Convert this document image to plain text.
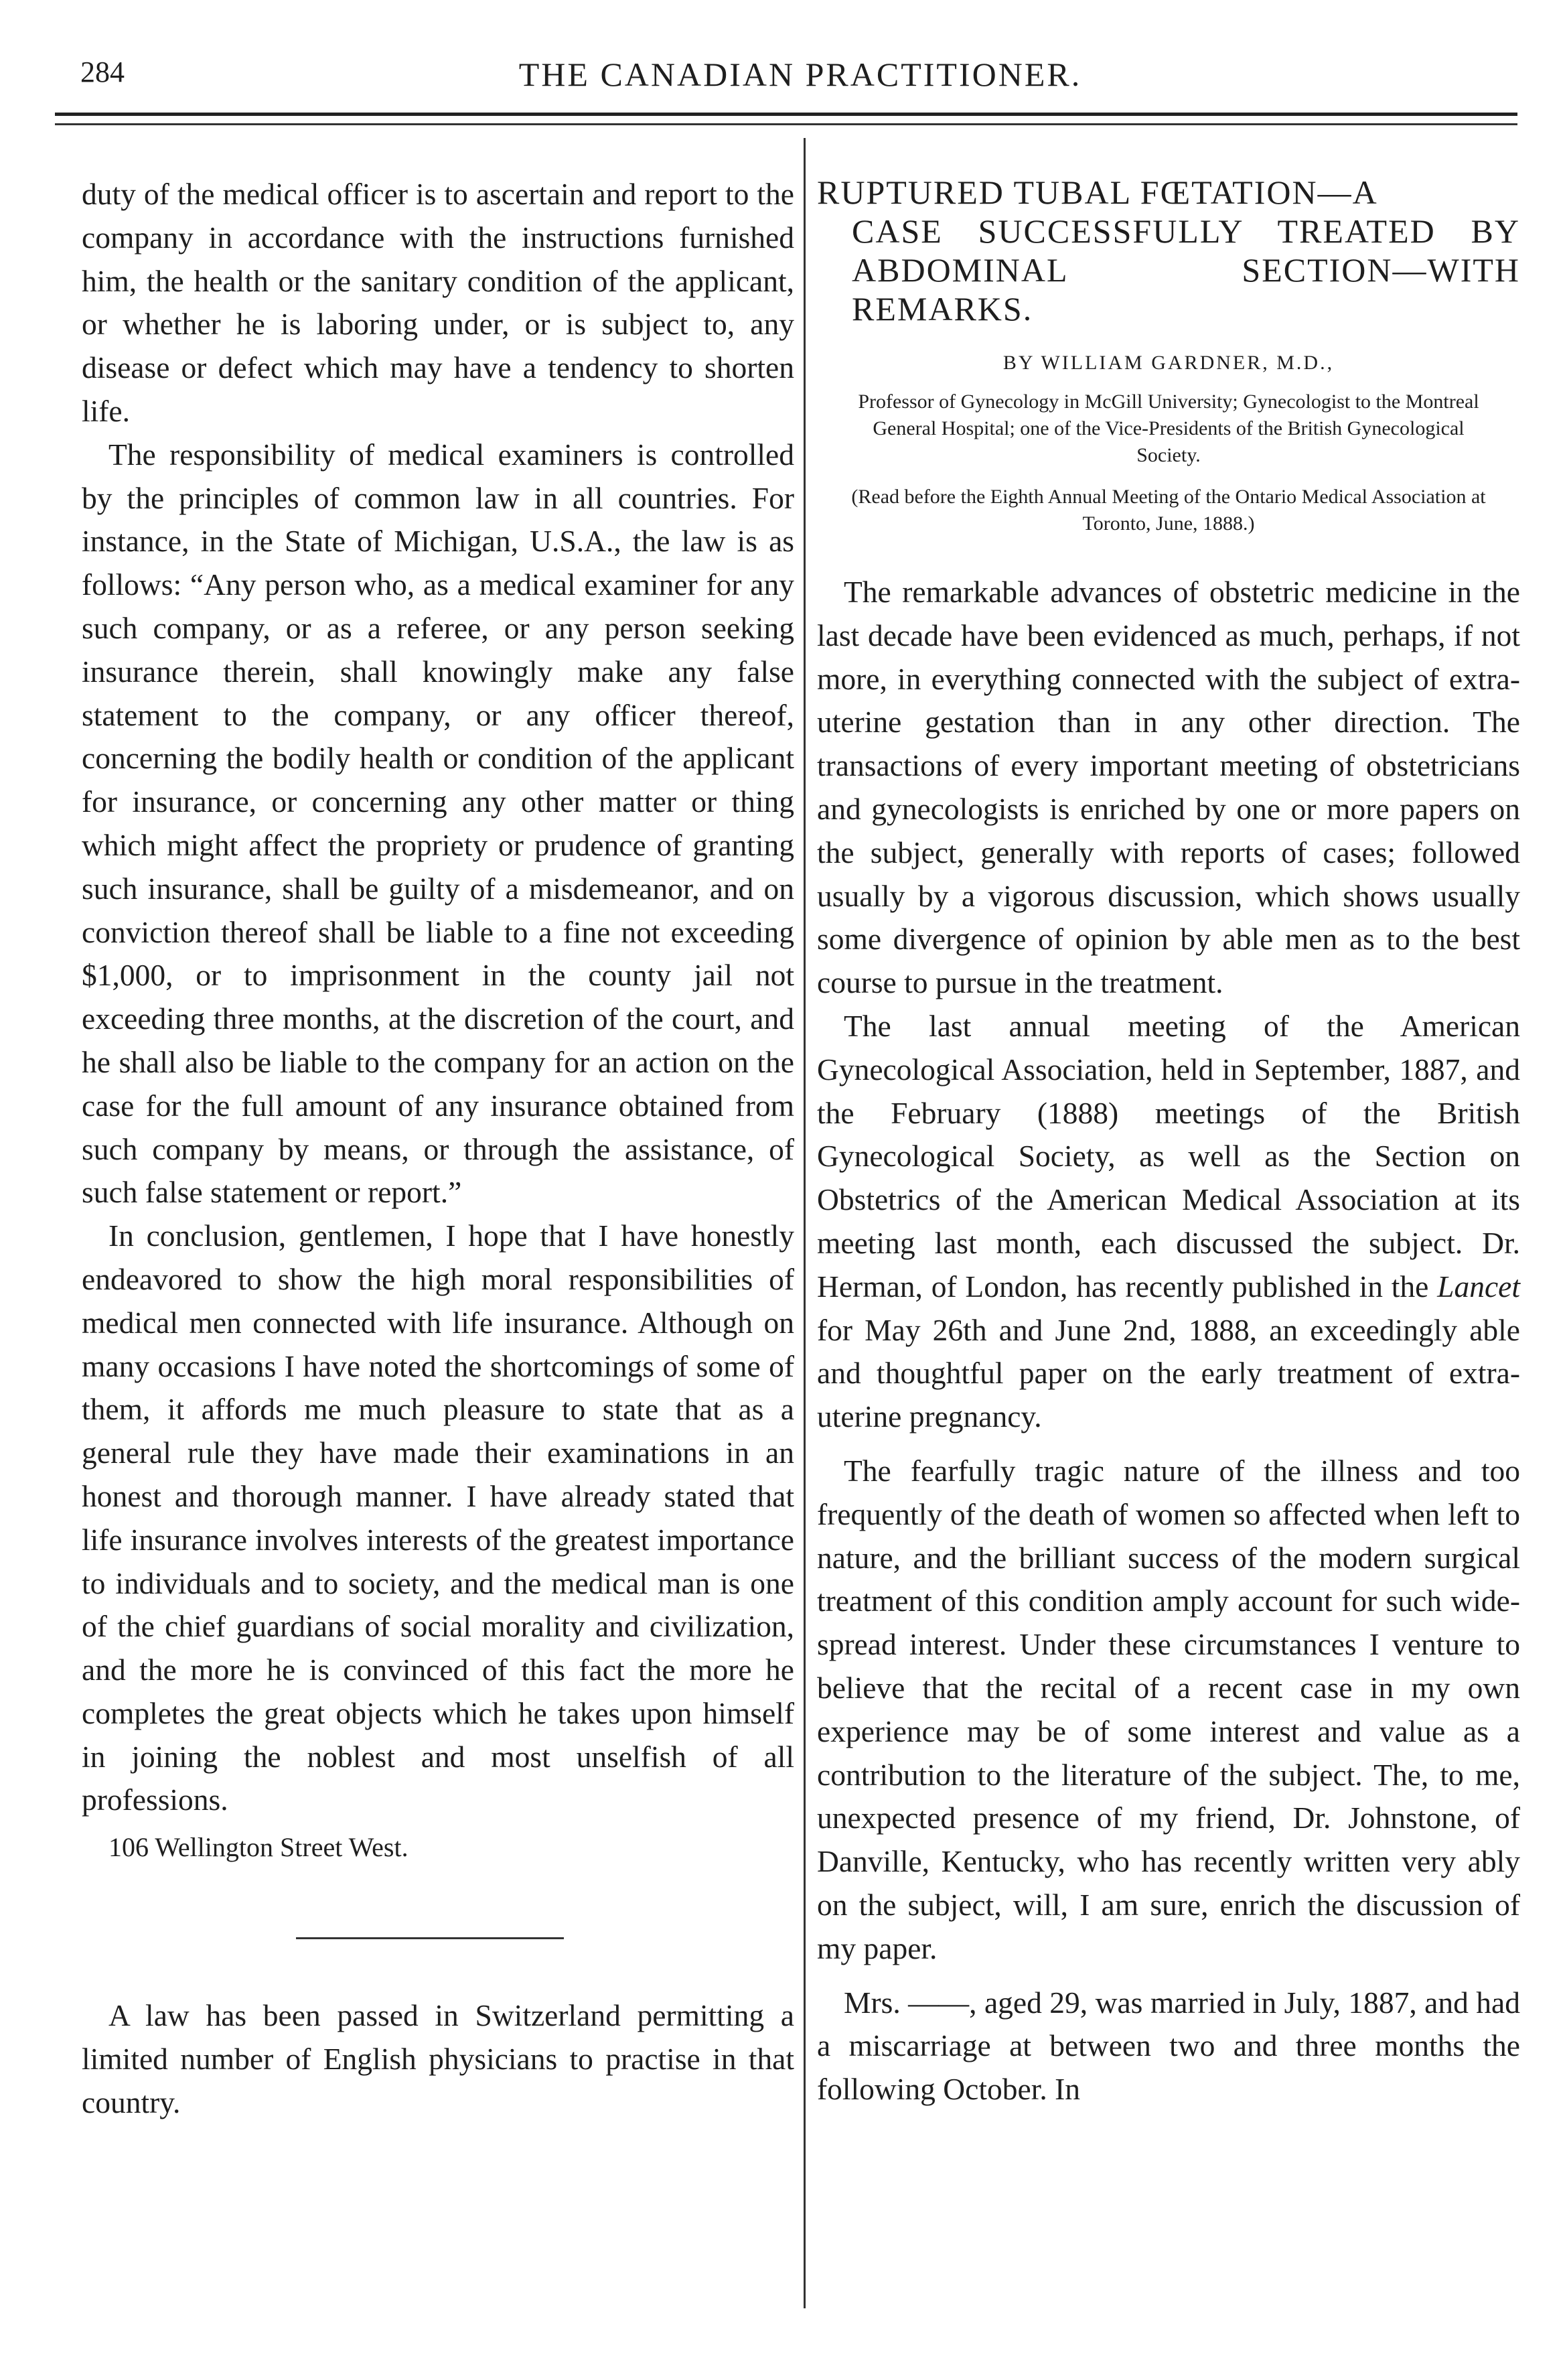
284	THE CANADIAN PRACTITIONER.

duty of the medical officer is to ascertain and report to the company in accordance with the instructions furnished him, the health or the sanitary condition of the applicant, or whether he is laboring under, or is subject to, any disease or defect which may have a tendency to shorten life.

The responsibility of medical examiners is controlled by the principles of common law in all countries. For instance, in the State of Michigan, U.S.A., the law is as follows: “Any person who, as a medical examiner for any such company, or as a referee, or any person seeking insurance therein, shall knowingly make any false statement to the company, or any officer thereof, concerning the bodily health or condition of the applicant for insurance, or concerning any other matter or thing which might affect the propriety or prudence of granting such insurance, shall be guilty of a misdemeanor, and on conviction thereof shall be liable to a fine not exceeding $1,000, or to imprisonment in the county jail not exceeding three months, at the discretion of the court, and he shall also be liable to the company for an action on the case for the full amount of any insurance obtained from such company by means, or through the assistance, of such false statement or report.”

In conclusion, gentlemen, I hope that I have honestly endeavored to show the high moral responsibilities of medical men connected with life insurance. Although on many occasions I have noted the shortcomings of some of them, it affords me much pleasure to state that as a general rule they have made their examinations in an honest and thorough manner. I have already stated that life insurance involves interests of the greatest importance to individuals and to society, and the medical man is one of the chief guardians of social morality and civilization, and the more he is convinced of this fact the more he completes the great objects which he takes upon himself in joining the noblest and most unselfish of all professions.

106 Wellington Street West.

A law has been passed in Switzerland permitting a limited number of English physicians to practise in that country.

RUPTURED TUBAL FŒTATION—A
CASE SUCCESSFULLY TREATED BY ABDOMINAL SECTION—WITH REMARKS.
BY WILLIAM GARDNER, M.D.,
Professor of Gynecology in McGill University; Gynecologist to the Montreal General Hospital; one of the Vice-Presidents of the British Gynecological Society.
(Read before the Eighth Annual Meeting of the Ontario Medical Association at Toronto, June, 1888.)

The remarkable advances of obstetric medicine in the last decade have been evidenced as much, perhaps, if not more, in everything connected with the subject of extra-uterine gestation than in any other direction. The transactions of every important meeting of obstetricians and gynecologists is enriched by one or more papers on the subject, generally with reports of cases; followed usually by a vigorous discussion, which shows usually some divergence of opinion by able men as to the best course to pursue in the treatment.

The last annual meeting of the American Gynecological Association, held in September, 1887, and the February (1888) meetings of the British Gynecological Society, as well as the Section on Obstetrics of the American Medical Association at its meeting last month, each discussed the subject. Dr. Herman, of London, has recently published in the Lancet for May 26th and June 2nd, 1888, an exceedingly able and thoughtful paper on the early treatment of extra-uterine pregnancy.

The fearfully tragic nature of the illness and too frequently of the death of women so affected when left to nature, and the brilliant success of the modern surgical treatment of this condition amply account for such wide-spread interest. Under these circumstances I venture to believe that the recital of a recent case in my own experience may be of some interest and value as a contribution to the literature of the subject. The, to me, unexpected presence of my friend, Dr. Johnstone, of Danville, Kentucky, who has recently written very ably on the subject, will, I am sure, enrich the discussion of my paper.

Mrs. ——, aged 29, was married in July, 1887, and had a miscarriage at between two and three months the following October. In
